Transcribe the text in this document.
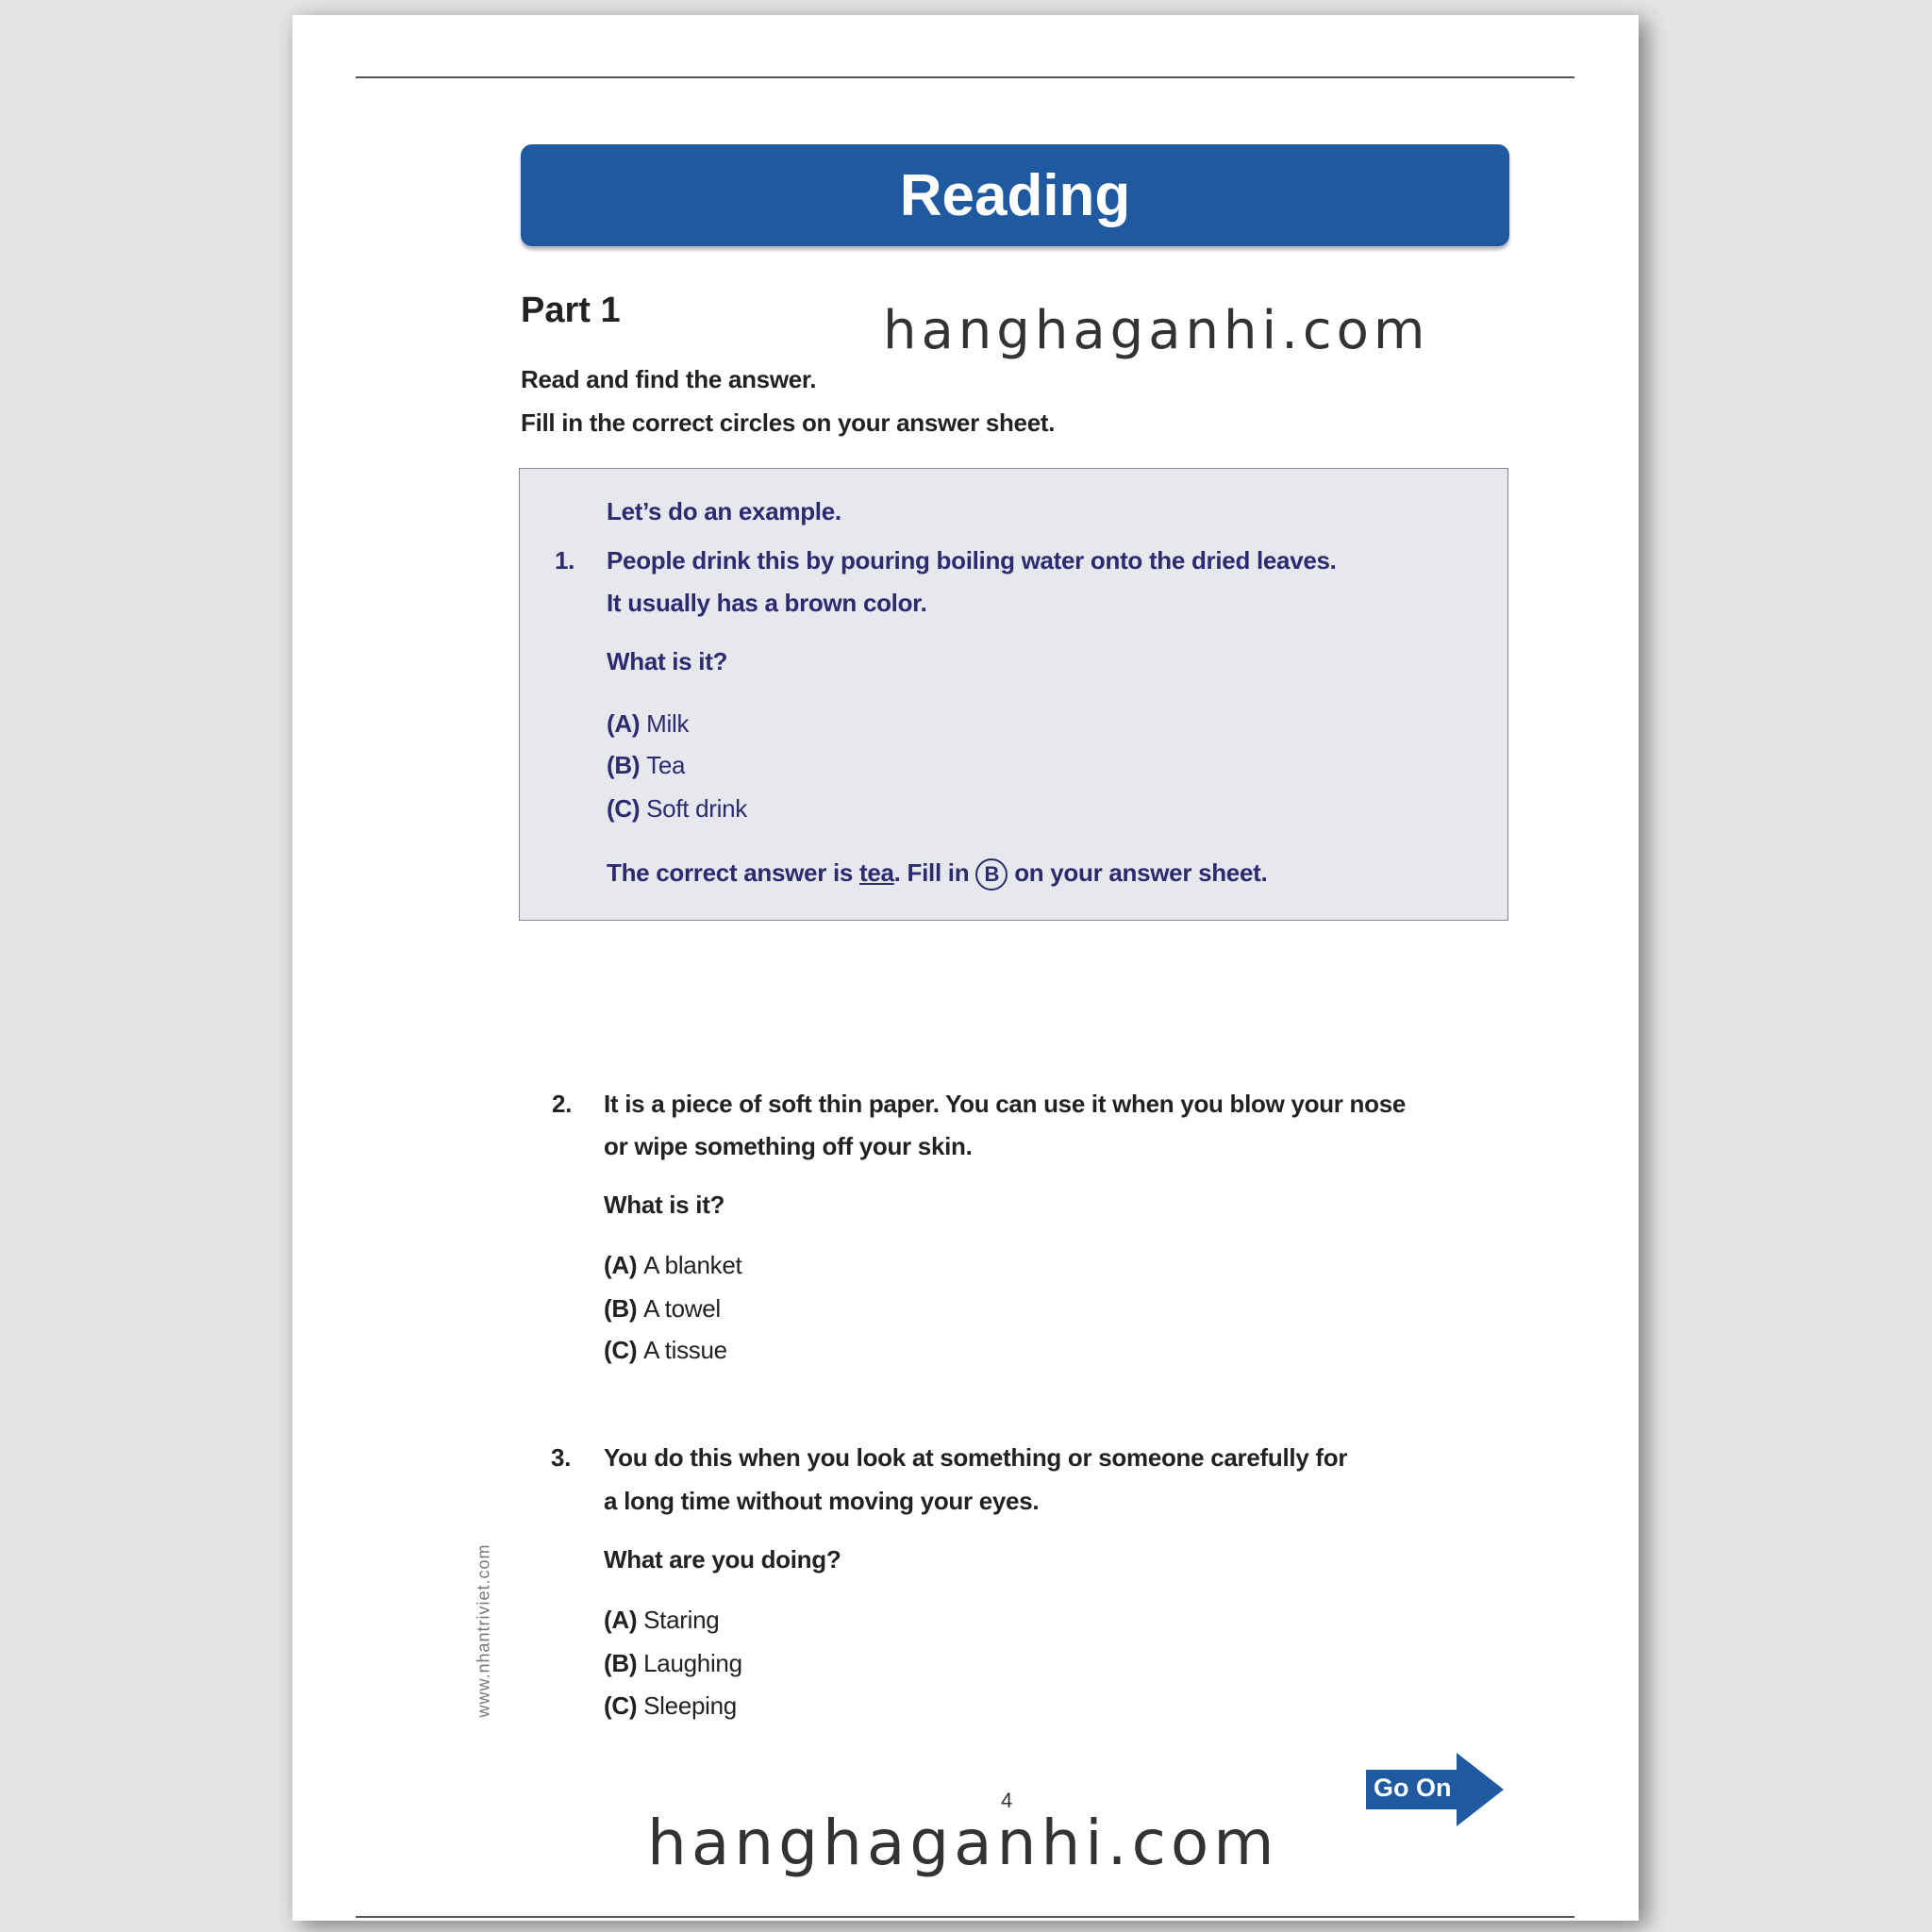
Reading
Part 1	hanghaganhi.com
Read and find the answer.
Fill in the correct circles on your answer sheet.
Let’s do an example.
1. People drink this by pouring boiling water onto the dried leaves.
It usually has a brown color.
What is it?
(A) Milk
(B) Tea
(C) Soft drink
The correct answer is tea. Fill in B on your answer sheet.
2. It is a piece of soft thin paper. You can use it when you blow your nose
or wipe something off your skin.
What is it?
(A) A blanket
(B) A towel
(C) A tissue
3. You do this when you look at something or someone carefully for
a long time without moving your eyes.
What are you doing?
(A) Staring
(B) Laughing
(C) Sleeping
www.nhantriviet.com
4
hanghaganhi.com
Go On
